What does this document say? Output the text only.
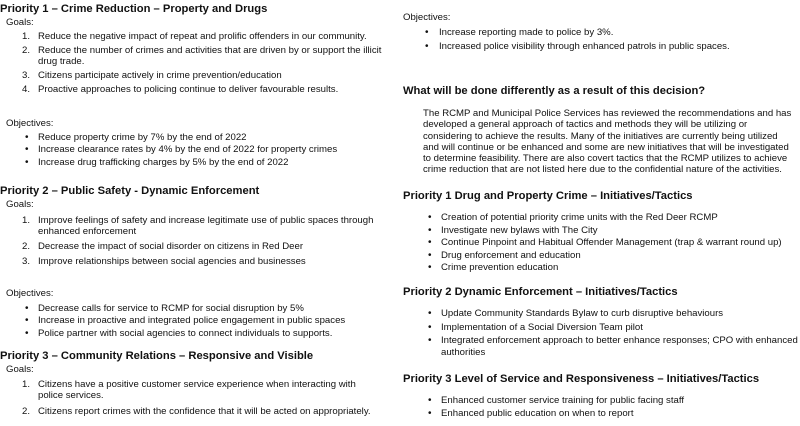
Priority 1 – Crime Reduction – Property and Drugs
Goals:
1. Reduce the negative impact of repeat and prolific offenders in our community.
2. Reduce the number of crimes and activities that are driven by or support the illicit drug trade.
3. Citizens participate actively in crime prevention/education
4. Proactive approaches to policing continue to deliver favourable results.
Objectives:
• Reduce property crime by 7% by the end of 2022
• Increase clearance rates by 4% by the end of 2022 for property crimes
• Increase drug trafficking charges by 5% by the end of 2022
Priority 2 – Public Safety - Dynamic Enforcement
Goals:
1. Improve feelings of safety and increase legitimate use of public spaces through enhanced enforcement
2. Decrease the impact of social disorder on citizens in Red Deer
3. Improve relationships between social agencies and businesses
Objectives:
• Decrease calls for service to RCMP for social disruption by 5%
• Increase in proactive and integrated police engagement in public spaces
• Police partner with social agencies to connect individuals to supports.
Priority 3 – Community Relations – Responsive and Visible
Goals:
1. Citizens have a positive customer service experience when interacting with police services.
2. Citizens report crimes with the confidence that it will be acted on appropriately.
Objectives:
• Increase reporting made to police by 3%.
• Increased police visibility through enhanced patrols in public spaces.
What will be done differently as a result of this decision?
The RCMP and Municipal Police Services has reviewed the recommendations and has developed a general approach of tactics and methods they will be utilizing or considering to achieve the results. Many of the initiatives are currently being utilized and will continue or be enhanced and some are new initiatives that will be investigated to determine feasibility. There are also covert tactics that the RCMP utilizes to achieve crime reduction that are not listed here due to the confidential nature of the activities.
Priority 1 Drug and Property Crime – Initiatives/Tactics
• Creation of potential priority crime units with the Red Deer RCMP
• Investigate new bylaws with The City
• Continue Pinpoint and Habitual Offender Management (trap & warrant round up)
• Drug enforcement and education
• Crime prevention education
Priority 2 Dynamic Enforcement – Initiatives/Tactics
• Update Community Standards Bylaw to curb disruptive behaviours
• Implementation of a Social Diversion Team pilot
• Integrated enforcement approach to better enhance responses; CPO with enhanced authorities
Priority 3 Level of Service and Responsiveness – Initiatives/Tactics
• Enhanced customer service training for public facing staff
• Enhanced public education on when to report
